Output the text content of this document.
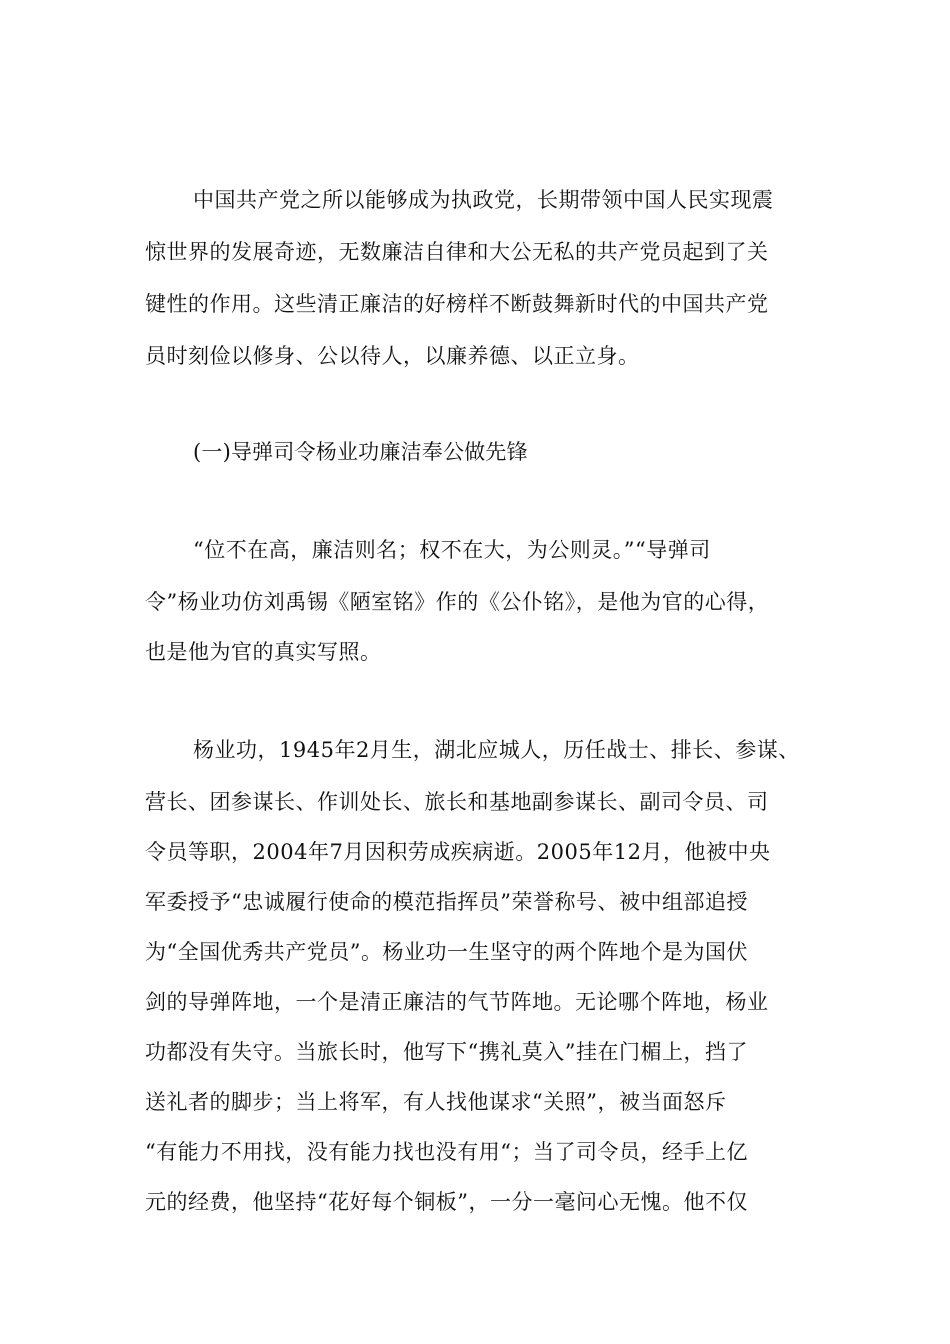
中国共产党之所以能够成为执政党，长期带领中国人民实现震
惊世界的发展奇迹，无数廉洁自律和大公无私的共产党员起到了关
键性的作用。这些清正廉洁的好榜样不断鼓舞新时代的中国共产党
员时刻俭以修身、公以待人，以廉养德、以正立身。
(一)导弹司令杨业功廉洁奉公做先锋
“位不在高，廉洁则名；权不在大，为公则灵。”“导弹司
令”杨业功仿刘禹锡《陋室铭》作的《公仆铭》，是他为官的心得，
也是他为官的真实写照。
杨业功，1945年2月生，湖北应城人，历任战士、排长、参谋、
营长、团参谋长、作训处长、旅长和基地副参谋长、副司令员、司
令员等职，2004年7月因积劳成疾病逝。2005年12月，他被中央
军委授予“忠诚履行使命的模范指挥员”荣誉称号、被中组部追授
为“全国优秀共产党员”。杨业功一生坚守的两个阵地个是为国伏
剑的导弹阵地，一个是清正廉洁的气节阵地。无论哪个阵地，杨业
功都没有失守。当旅长时，他写下“携礼莫入”挂在门楣上，挡了
送礼者的脚步；当上将军，有人找他谋求“关照”，被当面怒斥
“有能力不用找，没有能力找也没有用“；当了司令员，经手上亿
元的经费，他坚持“花好每个铜板”，一分一毫问心无愧。他不仅
